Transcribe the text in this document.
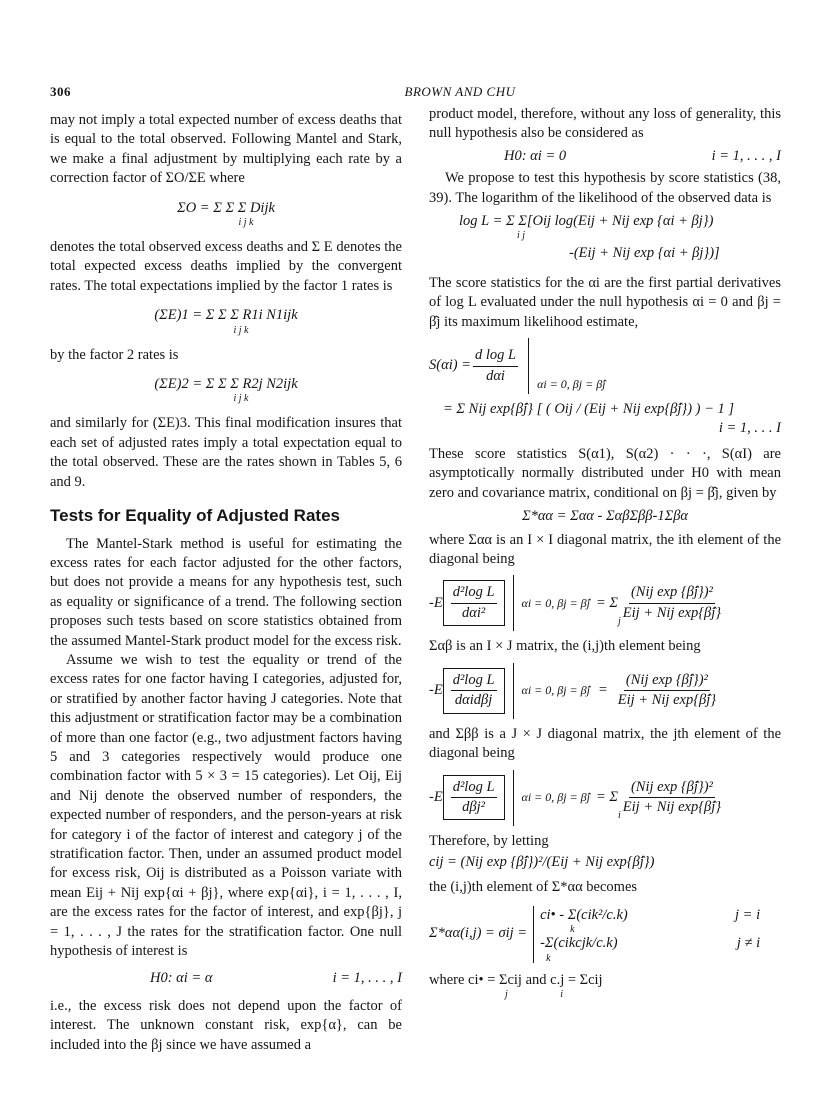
306	BROWN AND CHU

may not imply a total expected number of excess deaths that is equal to the total observed. Following Mantel and Stark, we make a final adjustment by multiplying each rate by a correction factor of ΣO/ΣE where

ΣO = Σ Σ Σ Dijk
i j k

denotes the total observed excess deaths and Σ E denotes the total expected excess deaths implied by the convergent rates. The total expectations implied by the factor 1 rates is

(ΣE)1 = Σ Σ Σ R1i N1ijk
i j k

by the factor 2 rates is

(ΣE)2 = Σ Σ Σ R2j N2ijk
i j k

and similarly for (ΣE)3. This final modification insures that each set of adjusted rates imply a total expectation equal to the total observed. These are the rates shown in Tables 5, 6 and 9.

Tests for Equality of Adjusted Rates

The Mantel-Stark method is useful for estimating the excess rates for each factor adjusted for the other factors, but does not provide a means for any hypothesis test, such as equality or significance of a trend. The following section proposes such tests based on score statistics obtained from the assumed Mantel-Stark product model for the excess risk.

Assume we wish to test the equality or trend of the excess rates for one factor having I categories, adjusted for, or stratified by another factor having J categories. Note that this adjustment or stratification factor may be a combination of more than one factor (e.g., two adjustment factors having 5 and 3 categories respectively would produce one combination factor with 5 × 3 = 15 categories). Let Oij, Eij and Nij denote the observed number of responders, the expected number of responders, and the person-years at risk for category i of the factor of interest and category j of the stratification factor. Then, under an assumed product model for excess risk, Oij is distributed as a Poisson variate with mean Eij + Nij exp{αi + βj}, where exp{αi}, i = 1, . . . , I, are the excess rates for the factor of interest, and exp{βj}, j = 1, . . . , J the rates for the stratification factor. One null hypothesis of interest is

H0: αi = α	i = 1, . . . , I

i.e., the excess risk does not depend upon the factor of interest. The unknown constant risk, exp{α}, can be included into the βj since we have assumed a

product model, therefore, without any loss of generality, this null hypothesis also be considered as

H0: αi = 0	i = 1, . . . , I

We propose to test this hypothesis by score statistics (38, 39). The logarithm of the likelihood of the observed data is

log L = Σ Σ[Oij log(Eij + Nij exp {αi + βj})
i j
-(Eij + Nij exp {αi + βj})]

The score statistics for the αi are the first partial derivatives of log L evaluated under the null hypothesis αi = 0 and βj = β̂j its maximum likelihood estimate,

$S(\alpha i) = \frac{\text{d log L}}{\text{dαi}}$ αi = 0, βj = β̂j
= Σ Nij exp{β̂j} [ ( Oij / (Eij + Nij exp{β̂j}) ) − 1 ]
i = 1, . . . I

These score statistics S(α1), S(α2) · · ·, S(αI) are asymptotically normally distributed under H0 with mean zero and covariance matrix, conditional on βj = β̂j, given by

Σ*αα = Σαα - ΣαβΣββ-1Σβα

where Σαα is an I × I diagonal matrix, the ith element of the diagonal being

$-E \frac{\text{d²log L}}{\text{dαi²}}$ αi = 0, βj = β̂j = Σ
j $\frac{\text{(Nij exp \{β̂j\})²}}{\text{Eij + Nij exp\{β̂j\}}}$

Σαβ is an I × J matrix, the (i,j)th element being

$-E \frac{\text{d²log L}}{\text{dαidβj}}$ αi = 0, βj = β̂j = $\frac{\text{(Nij exp \{β̂j\})²}}{\text{Eij + Nij exp\{β̂j\}}}$

and Σββ is a J × J diagonal matrix, the jth element of the diagonal being

$-E \frac{\text{d²log L}}{\text{dβj²}}$ αi = 0, βj = β̂j = Σ
i $\frac{\text{(Nij exp \{β̂j\})²}}{\text{Eij + Nij exp\{β̂j\}}}$

Therefore, by letting

cij = (Nij exp {β̂j})²/(Eij + Nij exp{β̂j})

the (i,j)th element of Σ*αα becomes

Σ*αα(i,j) = σij =
ci• - Σ(cik²/c.k)	j = i
k
-Σ(cikcjk/c.k)	j ≠ i
k
where ci• = Σcij and c.j = Σcij
j                     i
